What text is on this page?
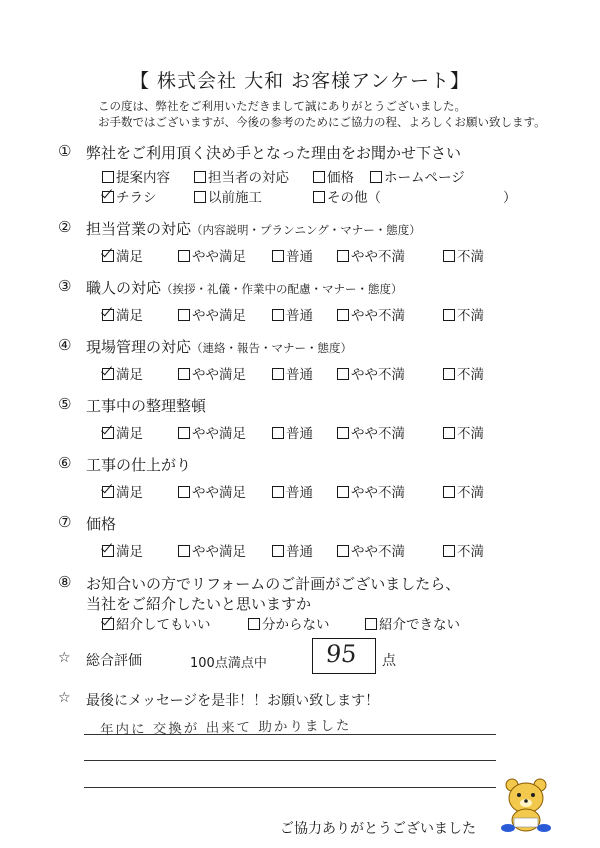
【 株式会社 大和 お客様アンケート】
この度は、弊社をご利用いただきまして誠にありがとうございました。
お手数ではございますが、今後の参考のためにご協力の程、よろしくお願い致します。
① 弊社をご利用頂く決め手となった理由をお聞かせ下さい
提案内容	担当者の対応	価格	ホームページ
チラシ	以前施工	その他（	）
② 担当営業の対応（内容説明・プランニング・マナー・態度）
満足	やや満足	普通	やや不満	不満
③ 職人の対応（挨拶・礼儀・作業中の配慮・マナー・態度）
満足	やや満足	普通	やや不満	不満
④ 現場管理の対応（連絡・報告・マナー・態度）
満足	やや満足	普通	やや不満	不満
⑤ 工事中の整理整頓
満足	やや満足	普通	やや不満	不満
⑥ 工事の仕上がり
満足	やや満足	普通	やや不満	不満
⑦ 価格
満足	やや満足	普通	やや不満	不満
⑧ お知合いの方でリフォームのご計画がございましたら、
当社をご紹介したいと思いますか
紹介してもいい	分からない	紹介できない
☆ 総合評価	100点満点中 95 点
☆ 最後にメッセージを是非！！お願い致します！
年内に 交換が 出来て 助かりました
ご協力ありがとうございました
